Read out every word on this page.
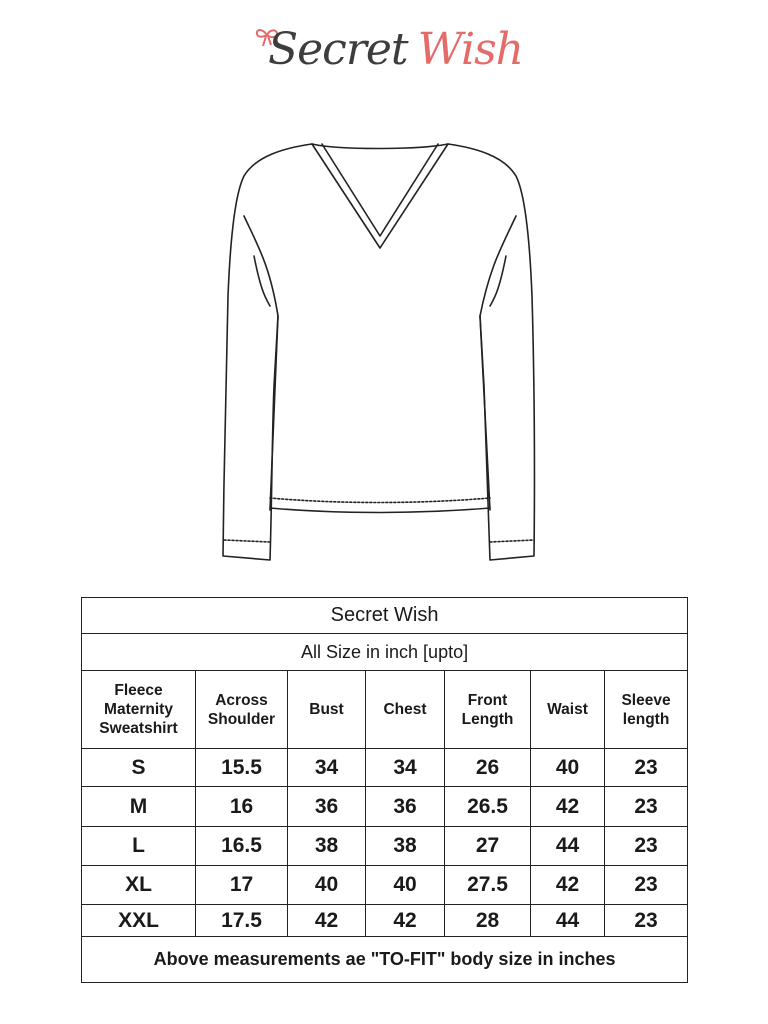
Secret Wish
Secret Wish						
All Size in inch [upto]						
Fleece Maternity Sweatshirt	Across Shoulder	Bust	Chest	Front Length	Waist	Sleeve length
S	15.5	34	34	26	40	23
M	16	36	36	26.5	42	23
L	16.5	38	38	27	44	23
XL	17	40	40	27.5	42	23
XXL	17.5	42	42	28	44	23
Above measurements ae "TO-FIT" body size in inches						
